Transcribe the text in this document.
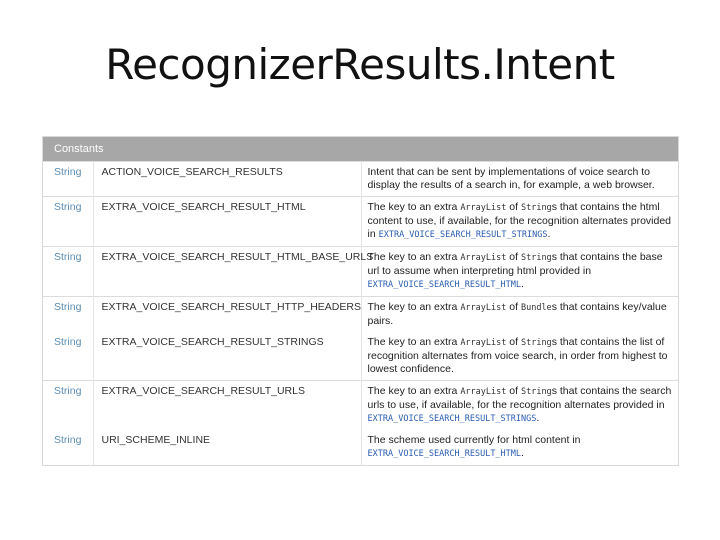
RecognizerResults.Intent
Constants		
String	ACTION_VOICE_SEARCH_RESULTS	Intent that can be sent by implementations of voice search to display the results of a search in, for example, a web browser.
String	EXTRA_VOICE_SEARCH_RESULT_HTML	The key to an extra ArrayList of Strings that contains the html content to use, if available, for the recognition alternates provided in EXTRA_VOICE_SEARCH_RESULT_STRINGS.
String	EXTRA_VOICE_SEARCH_RESULT_HTML_BASE_URLS	The key to an extra ArrayList of Strings that contains the base url to assume when interpreting html provided in EXTRA_VOICE_SEARCH_RESULT_HTML.
String	EXTRA_VOICE_SEARCH_RESULT_HTTP_HEADERS	The key to an extra ArrayList of Bundles that contains key/value pairs.
String	EXTRA_VOICE_SEARCH_RESULT_STRINGS	The key to an extra ArrayList of Strings that contains the list of recognition alternates from voice search, in order from highest to lowest confidence.
String	EXTRA_VOICE_SEARCH_RESULT_URLS	The key to an extra ArrayList of Strings that contains the search urls to use, if available, for the recognition alternates provided in EXTRA_VOICE_SEARCH_RESULT_STRINGS.
String	URI_SCHEME_INLINE	The scheme used currently for html content in EXTRA_VOICE_SEARCH_RESULT_HTML.
